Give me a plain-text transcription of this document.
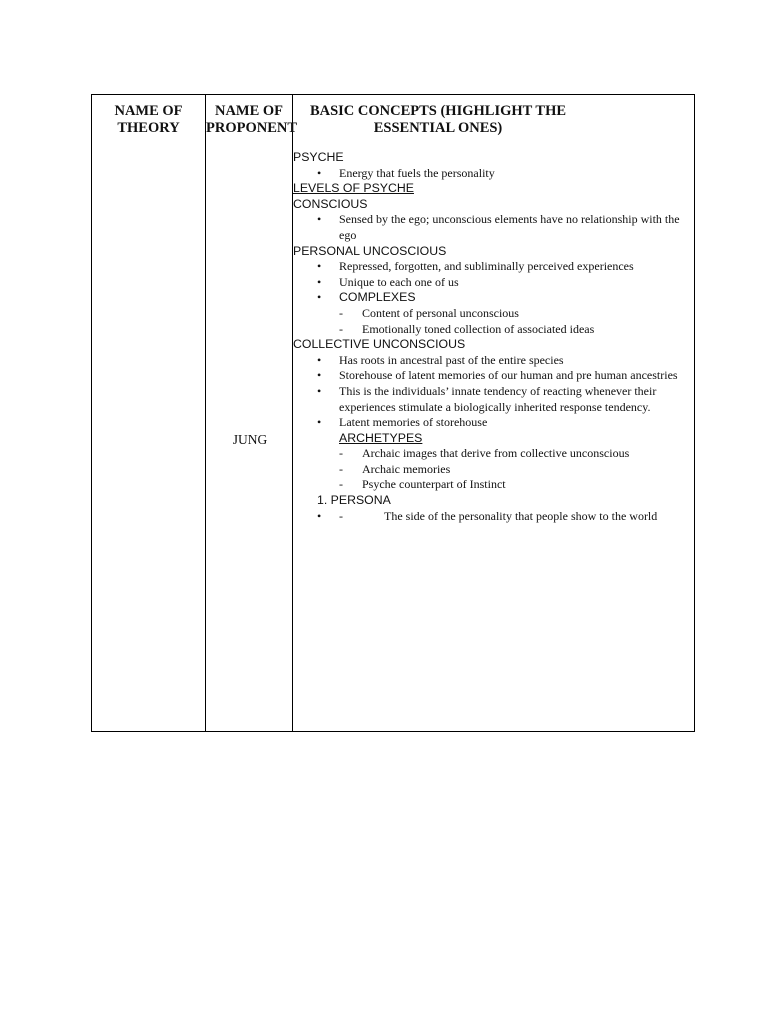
NAME OF THEORY
NAME OF PROPONENT
BASIC CONCEPTS (HIGHLIGHT THE
ESSENTIAL ONES)
JUNG
PSYCHE
• Energy that fuels the personality
LEVELS OF PSYCHE
CONSCIOUS
• Sensed by the ego; unconscious elements have no relationship with the ego
PERSONAL UNCOSCIOUS
• Repressed, forgotten, and subliminally perceived experiences
• Unique to each one of us
• COMPLEXES
- Content of personal unconscious
- Emotionally toned collection of associated ideas
COLLECTIVE UNCONSCIOUS
• Has roots in ancestral past of the entire species
• Storehouse of latent memories of our human and pre human ancestries
• This is the individuals’ innate tendency of reacting whenever their experiences stimulate a biologically inherited response tendency.
• Latent memories of storehouse
ARCHETYPES
- Archaic images that derive from collective unconscious
- Archaic memories
- Psyche counterpart of Instinct
1. PERSONA
• -	The side of the personality that people show to the world
